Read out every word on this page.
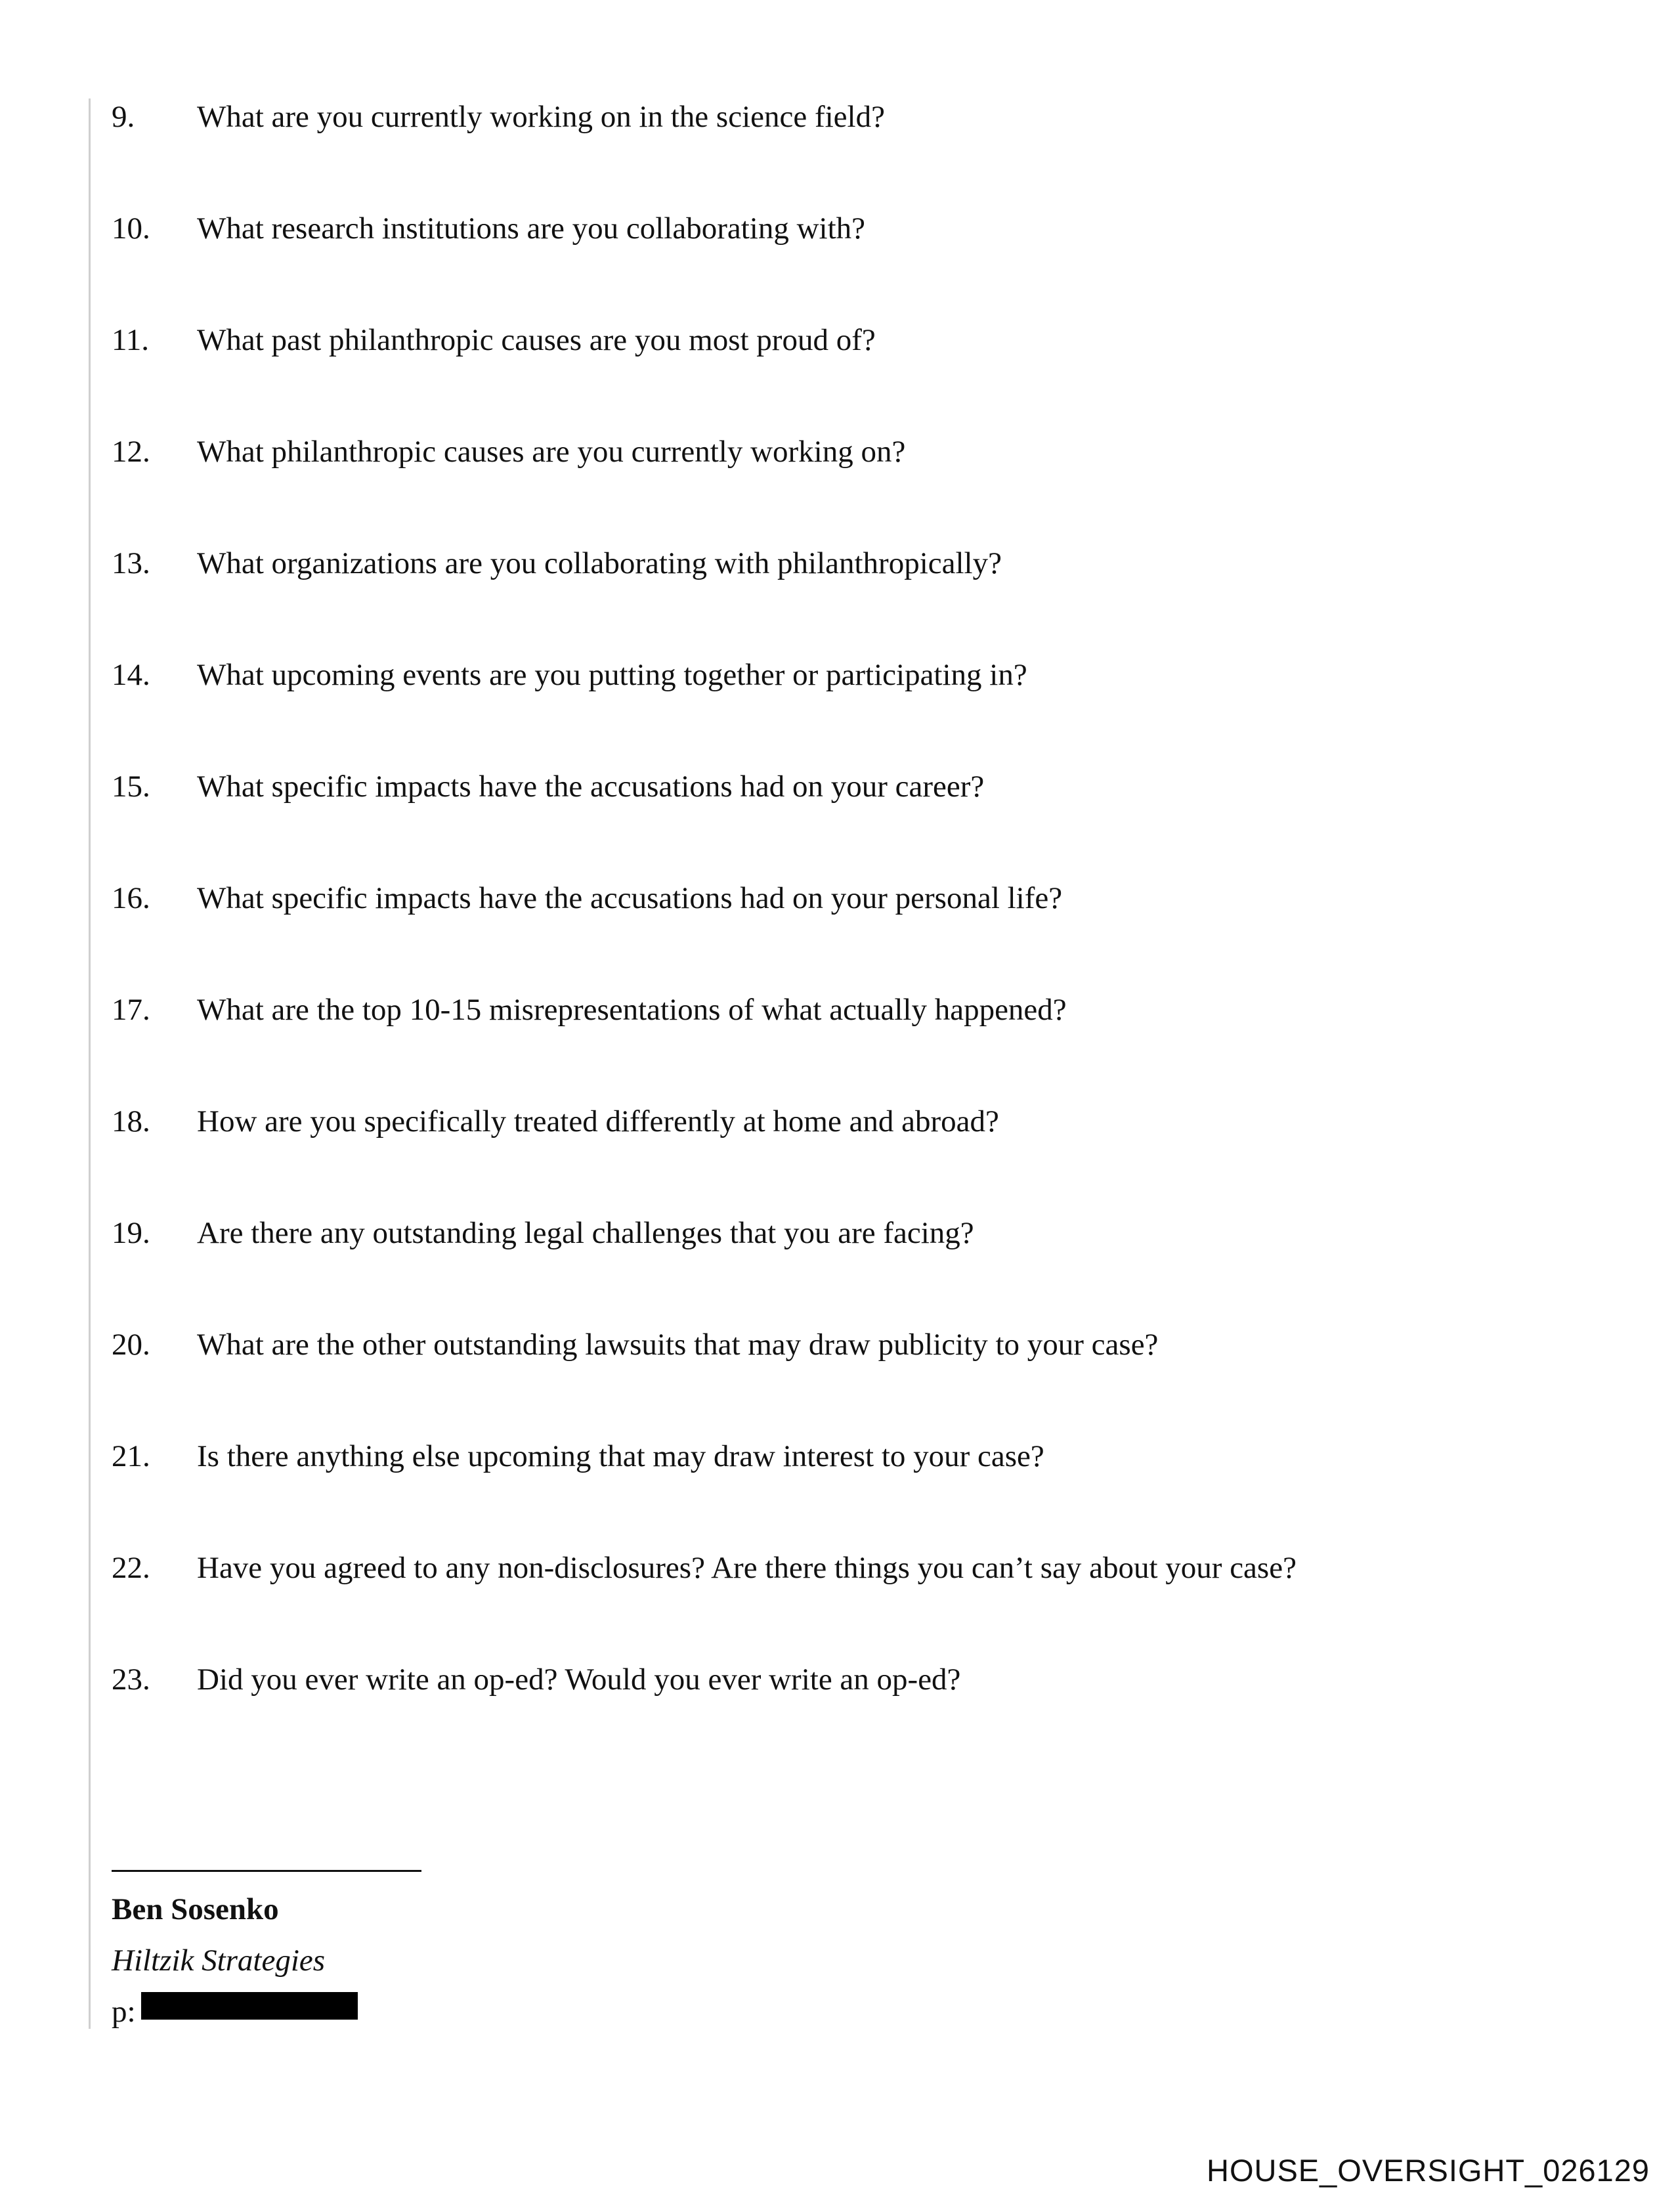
9. What are you currently working on in the science field?
10. What research institutions are you collaborating with?
11. What past philanthropic causes are you most proud of?
12. What philanthropic causes are you currently working on?
13. What organizations are you collaborating with philanthropically?
14. What upcoming events are you putting together or participating in?
15. What specific impacts have the accusations had on your career?
16. What specific impacts have the accusations had on your personal life?
17. What are the top 10-15 misrepresentations of what actually happened?
18. How are you specifically treated differently at home and abroad?
19. Are there any outstanding legal challenges that you are facing?
20. What are the other outstanding lawsuits that may draw publicity to your case?
21. Is there anything else upcoming that may draw interest to your case?
22. Have you agreed to any non-disclosures? Are there things you can’t say about your case?
23. Did you ever write an op-ed? Would you ever write an op-ed?
Ben Sosenko
Hiltzik Strategies
p:
HOUSE_OVERSIGHT_026129
